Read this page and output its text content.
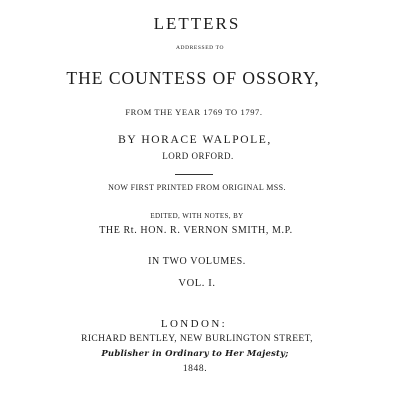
LETTERS
ADDRESSED TO
THE COUNTESS OF OSSORY,
FROM THE YEAR 1769 TO 1797.
BY HORACE WALPOLE,
LORD ORFORD.
NOW FIRST PRINTED FROM ORIGINAL MSS.
EDITED, WITH NOTES, BY
THE Rt. HON. R. VERNON SMITH, M.P.
IN TWO VOLUMES.
VOL. I.
LONDON:
RICHARD BENTLEY, NEW BURLINGTON STREET,
Publisher in Ordinary to Her Majesty;
1848.
